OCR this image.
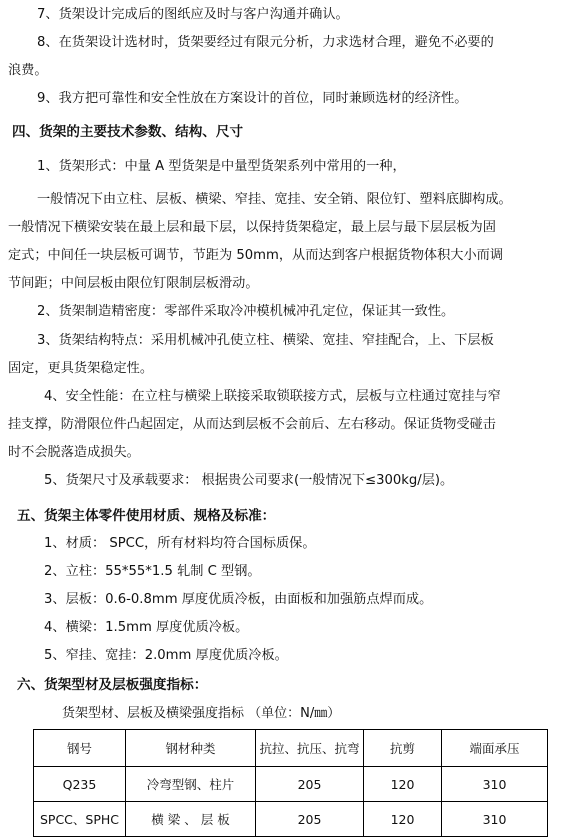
7、货架设计完成后的图纸应及时与客户沟通并确认。
8、在货架设计选材时，货架要经过有限元分析，力求选材合理，避免不必要的
浪费。
9、我方把可靠性和安全性放在方案设计的首位，同时兼顾选材的经济性。
四、货架的主要技术参数、结构、尺寸
1、货架形式：中量 A 型货架是中量型货架系列中常用的一种，
一般情况下由立柱、层板、横梁、窄挂、宽挂、安全销、限位钉、塑料底脚构成。
一般情况下横梁安装在最上层和最下层，以保持货架稳定，最上层与最下层层板为固
定式；中间任一块层板可调节，节距为 50mm，从而达到客户根据货物体积大小而调
节间距；中间层板由限位钉限制层板滑动。
2、货架制造精密度：零部件采取冷冲模机械冲孔定位，保证其一致性。
3、货架结构特点：采用机械冲孔使立柱、横梁、宽挂、窄挂配合，上、下层板
固定，更具货架稳定性。
4、安全性能：在立柱与横梁上联接采取锁联接方式，层板与立柱通过宽挂与窄
挂支撑，防滑限位件凸起固定，从而达到层板不会前后、左右移动。保证货物受碰击
时不会脱落造成损失。
5、货架尺寸及承载要求： 根据贵公司要求(一般情况下≤300kg/层)。
五、货架主体零件使用材质、规格及标准：
1、材质： SPCC，所有材料均符合国标质保。
2、立柱：55*55*1.5 轧制 C 型钢。
3、层板：0.6-0.8mm 厚度优质冷板，由面板和加强筋点焊而成。
4、横梁：1.5mm 厚度优质冷板。
5、窄挂、宽挂：2.0mm 厚度优质冷板。
六、货架型材及层板强度指标：
货架型材、层板及横梁强度指标 （单位：N/㎜）
钢号	钢材种类	抗拉、抗压、抗弯	抗剪	端面承压
Q235	冷弯型钢、柱片	205	120	310
SPCC、SPHC	横 梁 、 层 板	205	120	310
